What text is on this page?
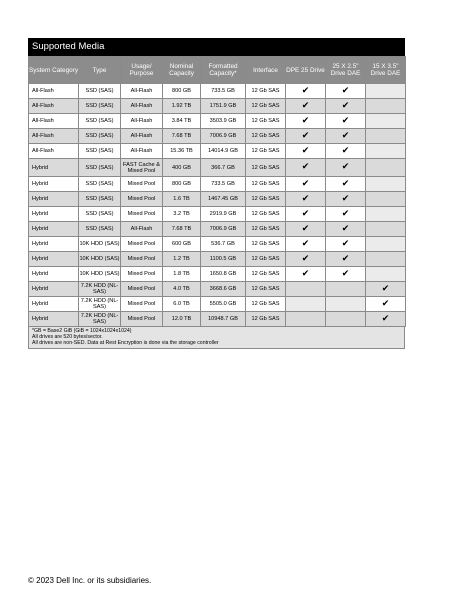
Supported Media
System Category	Type	Usage/ Purpose	Nominal Capacity	Formatted Capacity*	Interface	DPE 25 Drive	25 X 2.5" Drive DAE	15 X 3.5" Drive DAE
All-Flash	SSD (SAS)	All-Flash	800 GB	733.5 GB	12 Gb SAS	✔	✔	
All-Flash	SSD (SAS)	All-Flash	1.92 TB	1751.9 GB	12 Gb SAS	✔	✔	
All-Flash	SSD (SAS)	All-Flash	3.84 TB	3503.9 GB	12 Gb SAS	✔	✔	
All-Flash	SSD (SAS)	All-Flash	7.68 TB	7006.9 GB	12 Gb SAS	✔	✔	
All-Flash	SSD (SAS)	All-Flash	15.36 TB	14014.9 GB	12 Gb SAS	✔	✔	
Hybrid	SSD (SAS)	FAST Cache & Mixed Pool	400 GB	366.7 GB	12 Gb SAS	✔	✔	
Hybrid	SSD (SAS)	Mixed Pool	800 GB	733.5 GB	12 Gb SAS	✔	✔	
Hybrid	SSD (SAS)	Mixed Pool	1.6 TB	1467.45 GB	12 Gb SAS	✔	✔	
Hybrid	SSD (SAS)	Mixed Pool	3.2 TB	2919.9 GB	12 Gb SAS	✔	✔	
Hybrid	SSD (SAS)	All-Flash	7.68 TB	7006.9 GB	12 Gb SAS	✔	✔	
Hybrid	10K HDD (SAS)	Mixed Pool	600 GB	536.7 GB	12 Gb SAS	✔	✔	
Hybrid	10K HDD (SAS)	Mixed Pool	1.2 TB	1100.5 GB	12 Gb SAS	✔	✔	
Hybrid	10K HDD (SAS)	Mixed Pool	1.8 TB	1650.8 GB	12 Gb SAS	✔	✔	
Hybrid	7.2K HDD (NL-SAS)	Mixed Pool	4.0 TB	3668.6 GB	12 Gb SAS			✔
Hybrid	7.2K HDD (NL-SAS)	Mixed Pool	6.0 TB	5505.0 GB	12 Gb SAS			✔
Hybrid	7.2K HDD (NL-SAS)	Mixed Pool	12.0 TB	10948.7 GB	12 Gb SAS			✔
*GB = Base2 GiB (GiB = 1024x1024x1024)
All drives are 520 bytes/sector.
All drives are non-SED. Data at Rest Encryption is done via the storage controller
© 2023 Dell Inc. or its subsidiaries.
